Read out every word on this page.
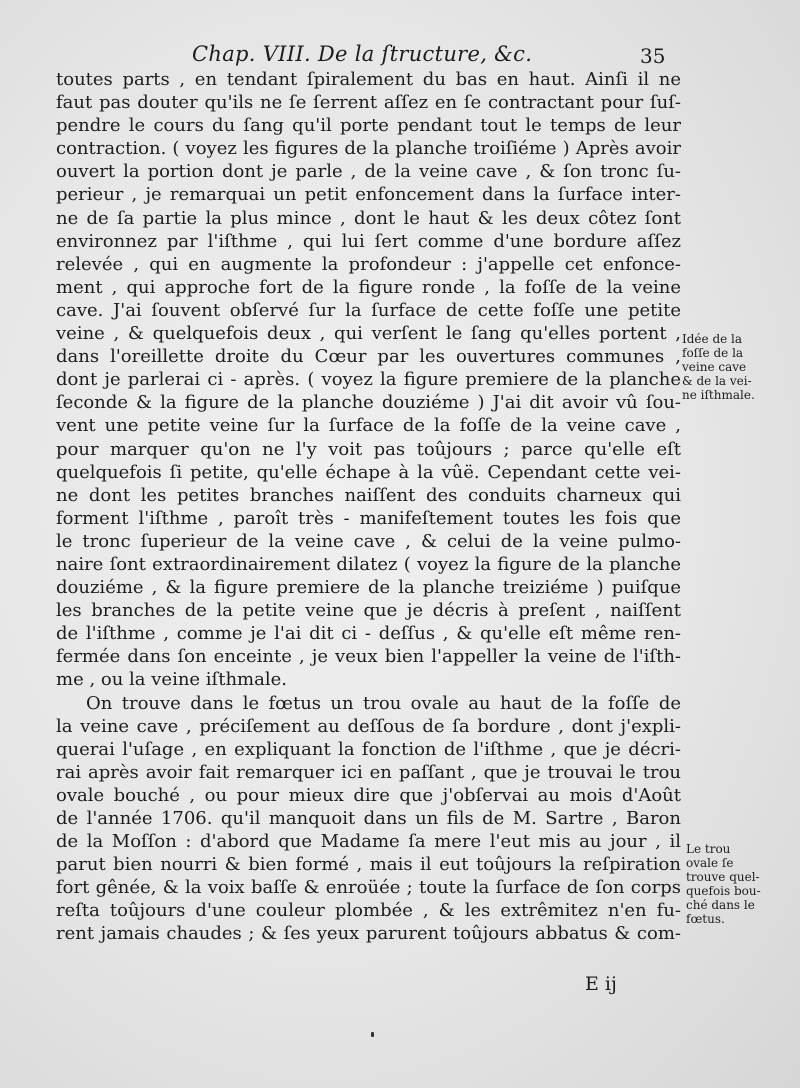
Chap. VIII. De la ſtructure, &c.	35
toutes parts , en tendant ſpiralement du bas en haut. Ainſi il ne
faut pas douter qu'ils ne ſe ſerrent aſſez en ſe contractant pour ſuſ-
pendre le cours du ſang qu'il porte pendant tout le temps de leur
contraction. ( voyez les figures de la planche troiſiéme ) Après avoir
ouvert la portion dont je parle , de la veine cave , & ſon tronc ſu-
perieur , je remarquai un petit enfoncement dans la ſurface inter-
ne de ſa partie la plus mince , dont le haut & les deux côtez ſont
environnez par l'iſthme , qui lui ſert comme d'une bordure aſſez
relevée , qui en augmente la profondeur : j'appelle cet enfonce-
ment , qui approche fort de la figure ronde , la foſſe de la veine
cave. J'ai ſouvent obſervé ſur la ſurface de cette foſſe une petite
veine , & quelquefois deux , qui verſent le ſang qu'elles portent ,
dans l'oreillette droite du Cœur par les ouvertures communes ,
dont je parlerai ci - après. ( voyez la figure premiere de la planche
ſeconde & la figure de la planche douziéme ) J'ai dit avoir vû ſou-
vent une petite veine ſur la ſurface de la foſſe de la veine cave ,
pour marquer qu'on ne l'y voit pas toûjours ; parce qu'elle eſt
quelquefois ſi petite, qu'elle échape à la vûë. Cependant cette vei-
ne dont les petites branches naiſſent des conduits charneux qui
forment l'iſthme , paroît très - manifeſtement toutes les fois que
le tronc ſuperieur de la veine cave , & celui de la veine pulmo-
naire ſont extraordinairement dilatez ( voyez la figure de la planche
douziéme , & la figure premiere de la planche treiziéme ) puiſque
les branches de la petite veine que je décris à preſent , naiſſent
de l'iſthme , comme je l'ai dit ci - deſſus , & qu'elle eſt même ren-
fermée dans ſon enceinte , je veux bien l'appeller la veine de l'iſth-
me , ou la veine iſthmale.
On trouve dans le fœtus un trou ovale au haut de la foſſe de
la veine cave , préciſement au deſſous de ſa bordure , dont j'expli-
querai l'uſage , en expliquant la fonction de l'iſthme , que je décri-
rai après avoir fait remarquer ici en paſſant , que je trouvai le trou
ovale bouché , ou pour mieux dire que j'obſervai au mois d'Août
de l'année 1706. qu'il manquoit dans un fils de M. Sartre , Baron
de la Moſſon : d'abord que Madame ſa mere l'eut mis au jour , il
parut bien nourri & bien formé , mais il eut toûjours la reſpiration
fort gênée, & la voix baſſe & enroüée ; toute la ſurface de ſon corps
reſta toûjours d'une couleur plombée , & les extrêmitez n'en fu-
rent jamais chaudes ; & ſes yeux parurent toûjours abbatus & com-
Idée de la
foſſe de la
veine cave
& de la vei-
ne iſthmale.
Le trou
ovale ſe
trouve quel-
quefois bou-
ché dans le
fœtus.
E ij
